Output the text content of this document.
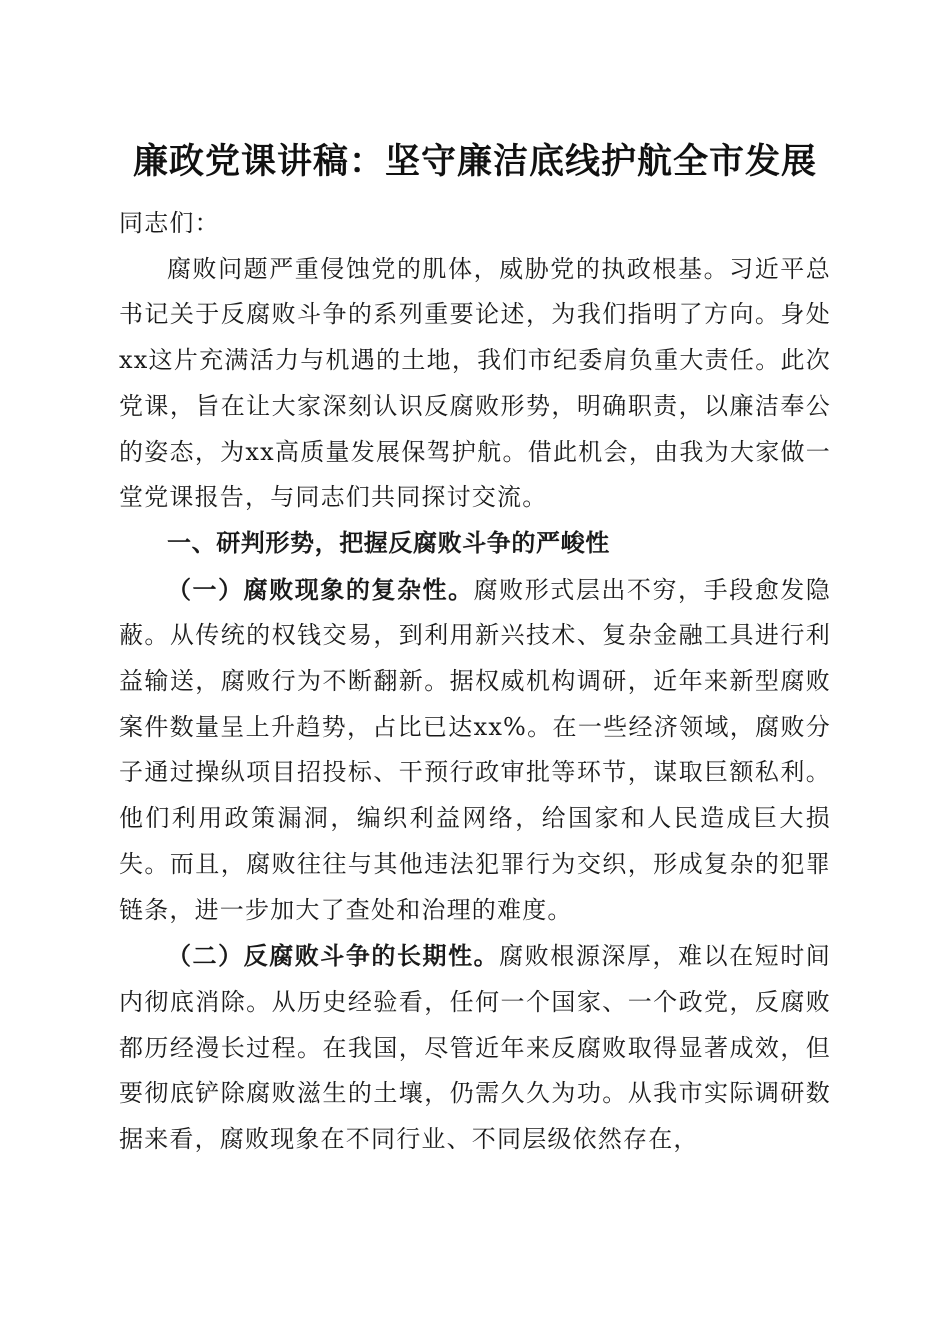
廉政党课讲稿：坚守廉洁底线护航全市发展

同志们：

腐败问题严重侵蚀党的肌体，威胁党的执政根基。习近平总书记关于反腐败斗争的系列重要论述，为我们指明了方向。身处xx这片充满活力与机遇的土地，我们市纪委肩负重大责任。此次党课，旨在让大家深刻认识反腐败形势，明确职责，以廉洁奉公的姿态，为xx高质量发展保驾护航。借此机会，由我为大家做一堂党课报告，与同志们共同探讨交流。

一、研判形势，把握反腐败斗争的严峻性

（一）腐败现象的复杂性。腐败形式层出不穷，手段愈发隐蔽。从传统的权钱交易，到利用新兴技术、复杂金融工具进行利益输送，腐败行为不断翻新。据权威机构调研，近年来新型腐败案件数量呈上升趋势，占比已达xx%。在一些经济领域，腐败分子通过操纵项目招投标、干预行政审批等环节，谋取巨额私利。他们利用政策漏洞，编织利益网络，给国家和人民造成巨大损失。而且，腐败往往与其他违法犯罪行为交织，形成复杂的犯罪链条，进一步加大了查处和治理的难度。

（二）反腐败斗争的长期性。腐败根源深厚，难以在短时间内彻底消除。从历史经验看，任何一个国家、一个政党，反腐败都历经漫长过程。在我国，尽管近年来反腐败取得显著成效，但要彻底铲除腐败滋生的土壤，仍需久久为功。从我市实际调研数据来看，腐败现象在不同行业、不同层级依然存在，
